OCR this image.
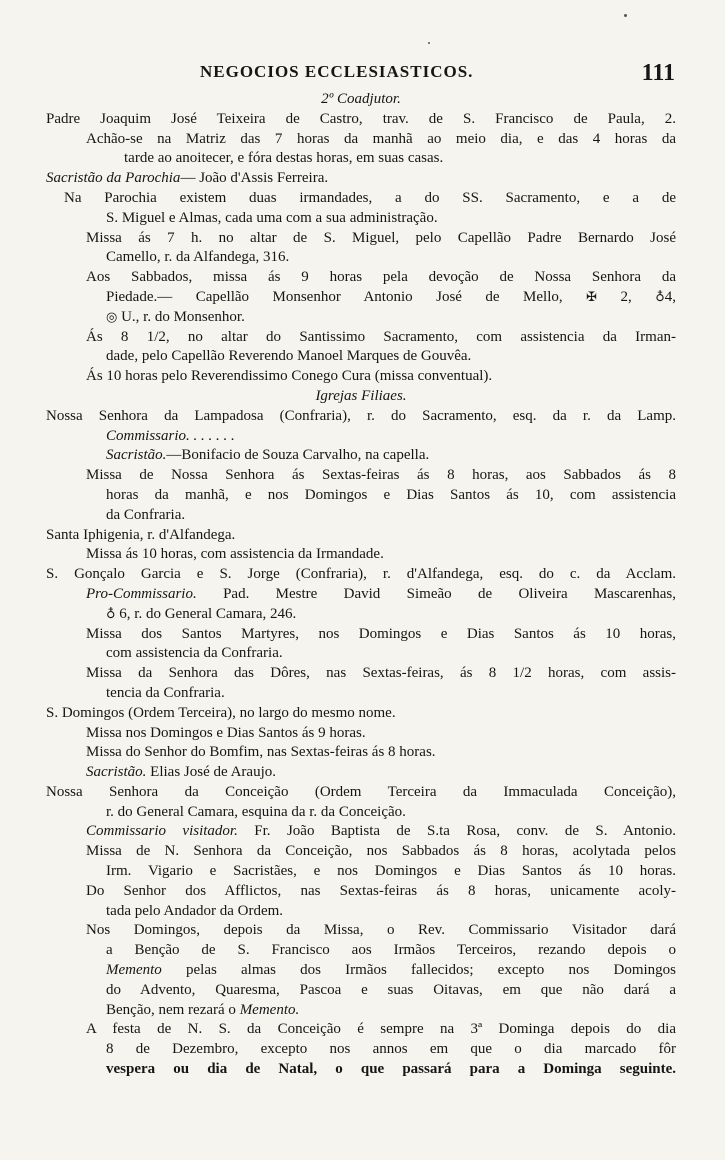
NEGOCIOS ECCLESIASTICOS.	111
2º Coadjutor.
Padre Joaquim José Teixeira de Castro, trav. de S. Francisco de Paula, 2.
Achão-se na Matriz das 7 horas da manhã ao meio dia, e das 4 horas da
tarde ao anoitecer, e fóra destas horas, em suas casas.
Sacristão da Parochia— João d'Assis Ferreira.
Na Parochia existem duas irmandades, a do SS. Sacramento, e a de
S. Miguel e Almas, cada uma com a sua administração.
Missa ás 7 h. no altar de S. Miguel, pelo Capellão Padre Bernardo José
Camello, r. da Alfandega, 316.
Aos Sabbados, missa ás 9 horas pela devoção de Nossa Senhora da
Piedade.— Capellão Monsenhor Antonio José de Mello, ✠ 2, ♁4,
◎ U., r. do Monsenhor.
Ás 8 1/2, no altar do Santissimo Sacramento, com assistencia da Irman-
dade, pelo Capellão Reverendo Manoel Marques de Gouvêa.
Ás 10 horas pelo Reverendissimo Conego Cura (missa conventual).
Igrejas Filiaes.
Nossa Senhora da Lampadosa (Confraria), r. do Sacramento, esq. da r. da Lamp.
Commissario. . . . . . .
Sacristão.—Bonifacio de Souza Carvalho, na capella.
Missa de Nossa Senhora ás Sextas-feiras ás 8 horas, aos Sabbados ás 8
horas da manhã, e nos Domingos e Dias Santos ás 10, com assistencia
da Confraria.
Santa Iphigenia, r. d'Alfandega.
Missa ás 10 horas, com assistencia da Irmandade.
S. Gonçalo Garcia e S. Jorge (Confraria), r. d'Alfandega, esq. do c. da Acclam.
Pro-Commissario. Pad. Mestre David Simeão de Oliveira Mascarenhas,
♁ 6, r. do General Camara, 246.
Missa dos Santos Martyres, nos Domingos e Dias Santos ás 10 horas,
com assistencia da Confraria.
Missa da Senhora das Dôres, nas Sextas-feiras, ás 8 1/2 horas, com assis-
tencia da Confraria.
S. Domingos (Ordem Terceira), no largo do mesmo nome.
Missa nos Domingos e Dias Santos ás 9 horas.
Missa do Senhor do Bomfim, nas Sextas-feiras ás 8 horas.
Sacristão. Elias José de Araujo.
Nossa Senhora da Conceição (Ordem Terceira da Immaculada Conceição),
r. do General Camara, esquina da r. da Conceição.
Commissario visitador. Fr. João Baptista de S.ta Rosa, conv. de S. Antonio.
Missa de N. Senhora da Conceição, nos Sabbados ás 8 horas, acolytada pelos
Irm. Vigario e Sacristães, e nos Domingos e Dias Santos ás 10 horas.
Do Senhor dos Afflictos, nas Sextas-feiras ás 8 horas, unicamente acoly-
tada pelo Andador da Ordem.
Nos Domingos, depois da Missa, o Rev. Commissario Visitador dará
a Benção de S. Francisco aos Irmãos Terceiros, rezando depois o
Memento pelas almas dos Irmãos fallecidos; excepto nos Domingos
do Advento, Quaresma, Pascoa e suas Oitavas, em que não dará a
Benção, nem rezará o Memento.
A festa de N. S. da Conceição é sempre na 3ª Dominga depois do dia
8 de Dezembro, excepto nos annos em que o dia marcado fôr
vespera ou dia de Natal, o que passará para a Dominga seguinte.
